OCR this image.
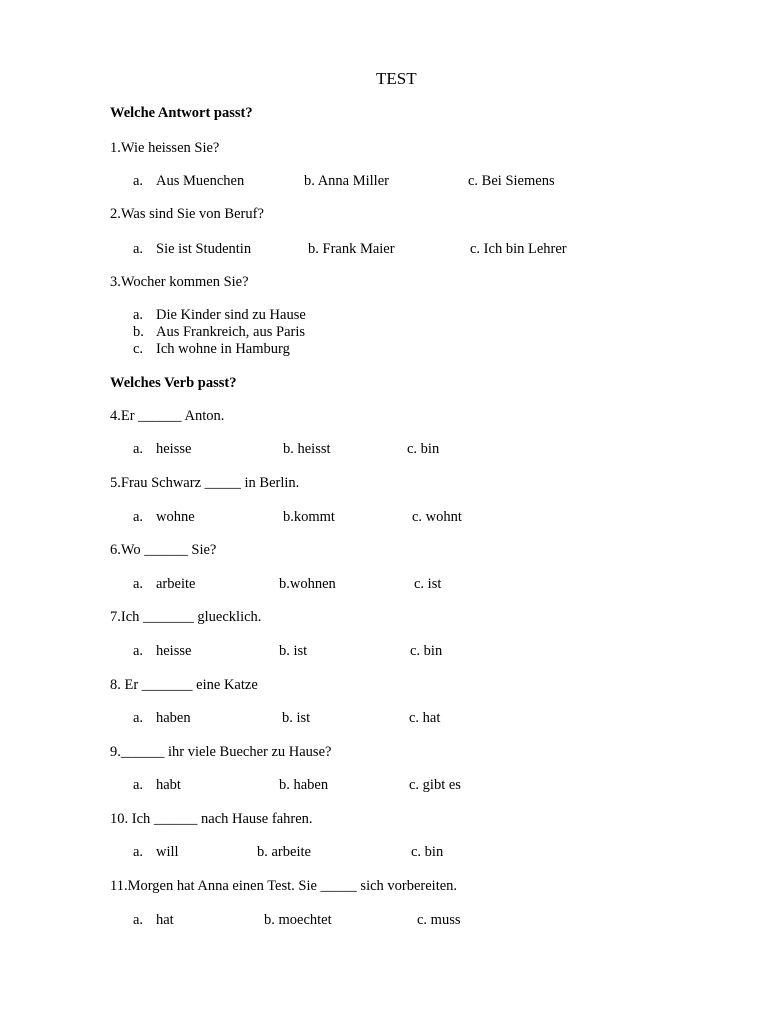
TEST
Welche Antwort passt?
1.Wie heissen Sie?
a. Aus Muenchen	b. Anna Miller	c. Bei Siemens
2.Was sind Sie von Beruf?
a. Sie ist Studentin	b. Frank Maier	c. Ich bin Lehrer
3.Wocher kommen Sie?
a. Die Kinder sind zu Hause
b. Aus Frankreich, aus Paris
c. Ich wohne in Hamburg
Welches Verb passt?
4.Er ______ Anton.
a. heisse	b. heisst	c. bin
5.Frau Schwarz _____ in Berlin.
a. wohne	b.kommt	c. wohnt
6.Wo ______ Sie?
a. arbeite	b.wohnen	c. ist
7.Ich _______ gluecklich.
a. heisse	b. ist	c. bin
8. Er _______ eine Katze
a. haben	b. ist	c. hat
9.______ ihr viele Buecher zu Hause?
a. habt	b. haben	c. gibt es
10. Ich ______ nach Hause fahren.
a. will	b. arbeite	c. bin
11.Morgen hat Anna einen Test. Sie _____ sich vorbereiten.
a. hat	b. moechtet	c. muss
